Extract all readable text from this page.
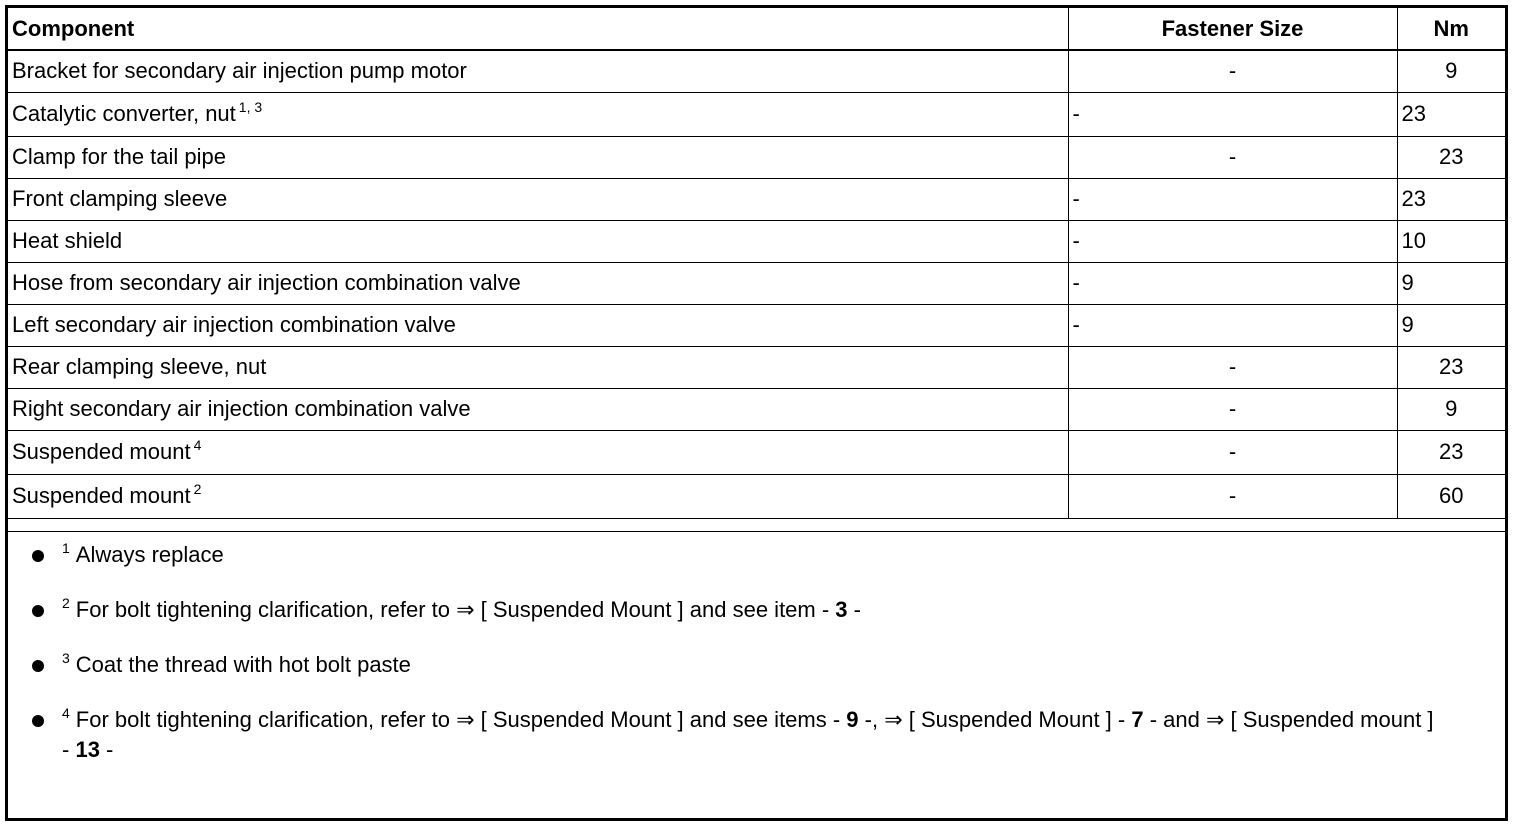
Component	Fastener Size	Nm
Bracket for secondary air injection pump motor	-	9
Catalytic converter, nut $^{1, 3}$	-	23
Clamp for the tail pipe	-	23
Front clamping sleeve	-	23
Heat shield	-	10
Hose from secondary air injection combination valve	-	9
Left secondary air injection combination valve	-	9
Rear clamping sleeve, nut	-	23
Right secondary air injection combination valve	-	9
Suspended mount $^4$	-	23
Suspended mount $^2$	-	60
$^1$ Always replace
$^2$ For bolt tightening clarification, refer to ⇒ [ Suspended Mount ] and see item - 3 -
$^3$ Coat the thread with hot bolt paste
$^4$ For bolt tightening clarification, refer to ⇒ [ Suspended Mount ] and see items - 9 -, ⇒ [ Suspended Mount ] - 7 - and ⇒ [ Suspended mount ] - 13 -
